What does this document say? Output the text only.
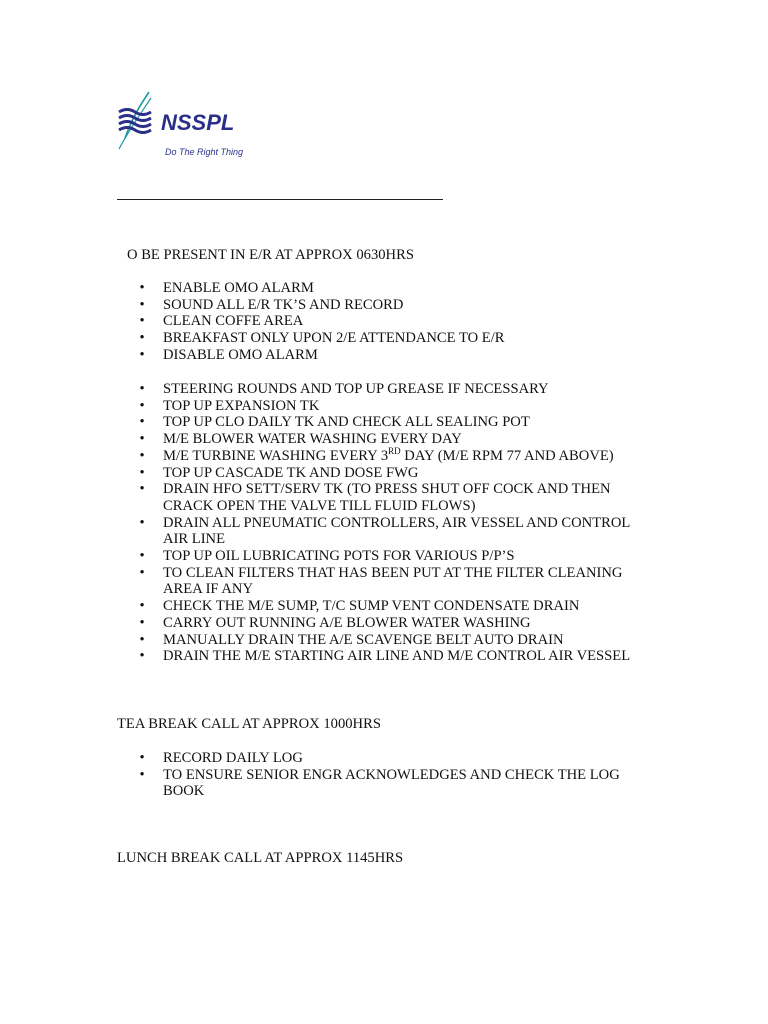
NSSPL
Do The Right Thing
O BE PRESENT IN E/R AT APPROX 0630HRS
• ENABLE OMO ALARM
• SOUND ALL E/R TK’S AND RECORD
• CLEAN COFFE AREA
• BREAKFAST ONLY UPON 2/E ATTENDANCE TO E/R
• DISABLE OMO ALARM
• STEERING ROUNDS AND TOP UP GREASE IF NECESSARY
• TOP UP EXPANSION TK
• TOP UP CLO DAILY TK AND CHECK ALL SEALING POT
• M/E BLOWER WATER WASHING EVERY DAY
• M/E TURBINE WASHING EVERY 3RD DAY (M/E RPM 77 AND ABOVE)
• TOP UP CASCADE TK AND DOSE FWG
• DRAIN HFO SETT/SERV TK (TO PRESS SHUT OFF COCK AND THEN CRACK OPEN THE VALVE TILL FLUID FLOWS)
• DRAIN ALL PNEUMATIC CONTROLLERS, AIR VESSEL AND CONTROL AIR LINE
• TOP UP OIL LUBRICATING POTS FOR VARIOUS P/P’S
• TO CLEAN FILTERS THAT HAS BEEN PUT AT THE FILTER CLEANING AREA IF ANY
• CHECK THE M/E SUMP, T/C SUMP VENT CONDENSATE DRAIN
• CARRY OUT RUNNING A/E BLOWER WATER WASHING
• MANUALLY DRAIN THE A/E SCAVENGE BELT AUTO DRAIN
• DRAIN THE M/E STARTING AIR LINE AND M/E CONTROL AIR VESSEL
TEA BREAK CALL AT APPROX 1000HRS
• RECORD DAILY LOG
• TO ENSURE SENIOR ENGR ACKNOWLEDGES AND CHECK THE LOG BOOK
LUNCH BREAK CALL AT APPROX 1145HRS
